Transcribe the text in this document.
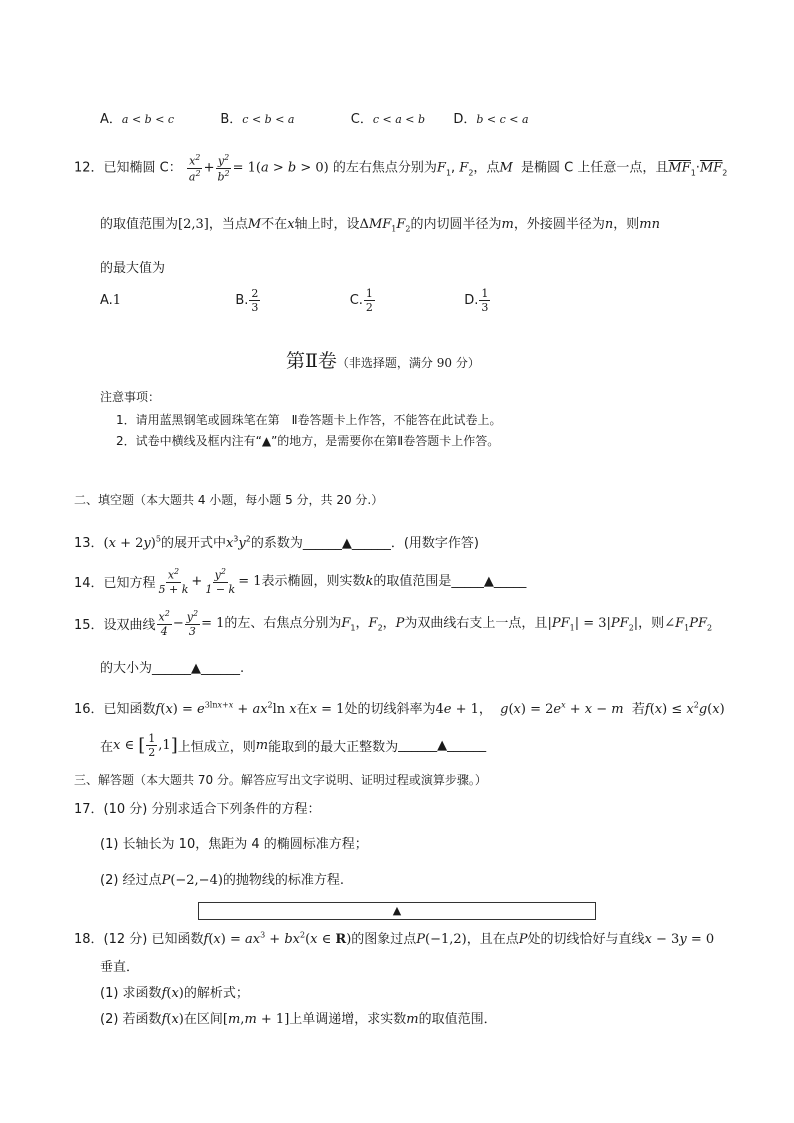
A．a < b < c	B．c < b < a	C．c < a < b D．b < c < a
12．已知椭圆 C： $\frac{x^2}{a^2} + \frac{y^2}{b^2} = 1(a > b > 0)$ 的左右焦点分别为$F_1$, $F_2$，点M 是椭圆 C 上任意一点，且$\overline{MF}_1\cdot\overline{MF}_2$
的取值范围为[2,3]，当点M不在x轴上时，设$\Delta MF_1F_2$的内切圆半径为m，外接圆半径为n，则mn
的最大值为
A.1	B. $\frac{2}{3}$	C. $\frac{1}{2}$	D. $\frac{1}{3}$
第Ⅱ卷（非选择题，满分 90 分）
注意事项：
1．请用蓝黑钢笔或圆珠笔在第　Ⅱ卷答题卡上作答，不能答在此试卷上。
2．试卷中横线及框内注有“▲”的地方，是需要你在第Ⅱ卷答题卡上作答。
二、填空题（本大题共 4 小题，每小题 5 分，共 20 分.）
13．$(x + 2y)^5$的展开式中$x^3y^2$的系数为______▲______．(用数字作答)
14．已知方程 $\frac{x^2}{5 + k} + \frac{y^2}{1 - k} = 1$表示椭圆，则实数k的取值范围是_____▲_____
15．设双曲线 $\frac{x^2}{4} - \frac{y^2}{3} = 1$的左、右焦点分别为$F_1$，$F_2$，P为双曲线右支上一点，且$|PF_1| = 3|PF_2|$，则$\angle F_1PF_2$
的大小为______▲______.
16．已知函数$f(x) = e^{3lnx+x} + ax^2\ln$ x在x = 1处的切线斜率为4e + 1，  $g(x) = 2e^x + x - m$ 若$f(x) \le x^2g(x)$
在x ∈ [ $\frac{1}{2} ,1$]上恒成立，则m能取到的最大正整数为______▲______
三、解答题（本大题共 70 分。解答应写出文字说明、证明过程或演算步骤。）
17．(10 分) 分别求适合下列条件的方程：
(1) 长轴长为 10，焦距为 4 的椭圆标准方程；
(2) 经过点P(−2,−4)的抛物线的标准方程.
▲
18．(12 分) 已知函数$f(x) = ax^3 + bx^2(x$ ∈ R)的图象过点P(−1,2)，且在点P处的切线恰好与直线x − 3y = 0
垂直．
(1) 求函数f(x)的解析式；
(2) 若函数f(x)在区间[m,m + 1]上单调递增，求实数m的取值范围．
